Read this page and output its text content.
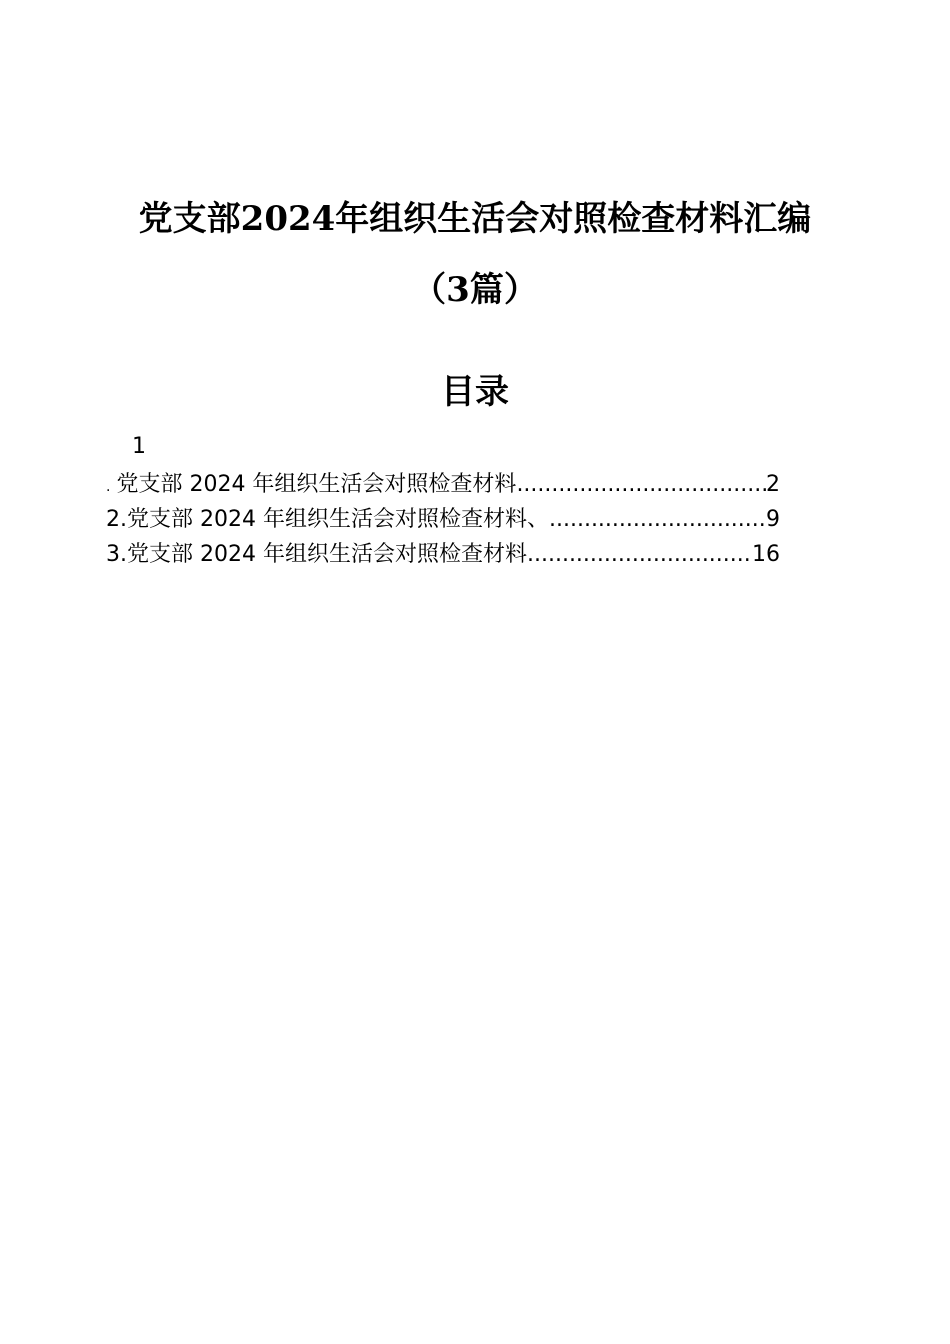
党支部2024年组织生活会对照检查材料汇编
（3篇）
目录
1
. 党支部 2024 年组织生活会对照检查材料 .....	2
2. 党支部 2024 年组织生活会对照检查材料、 .....	9
3. 党支部 2024 年组织生活会对照检查材料 .....	16
